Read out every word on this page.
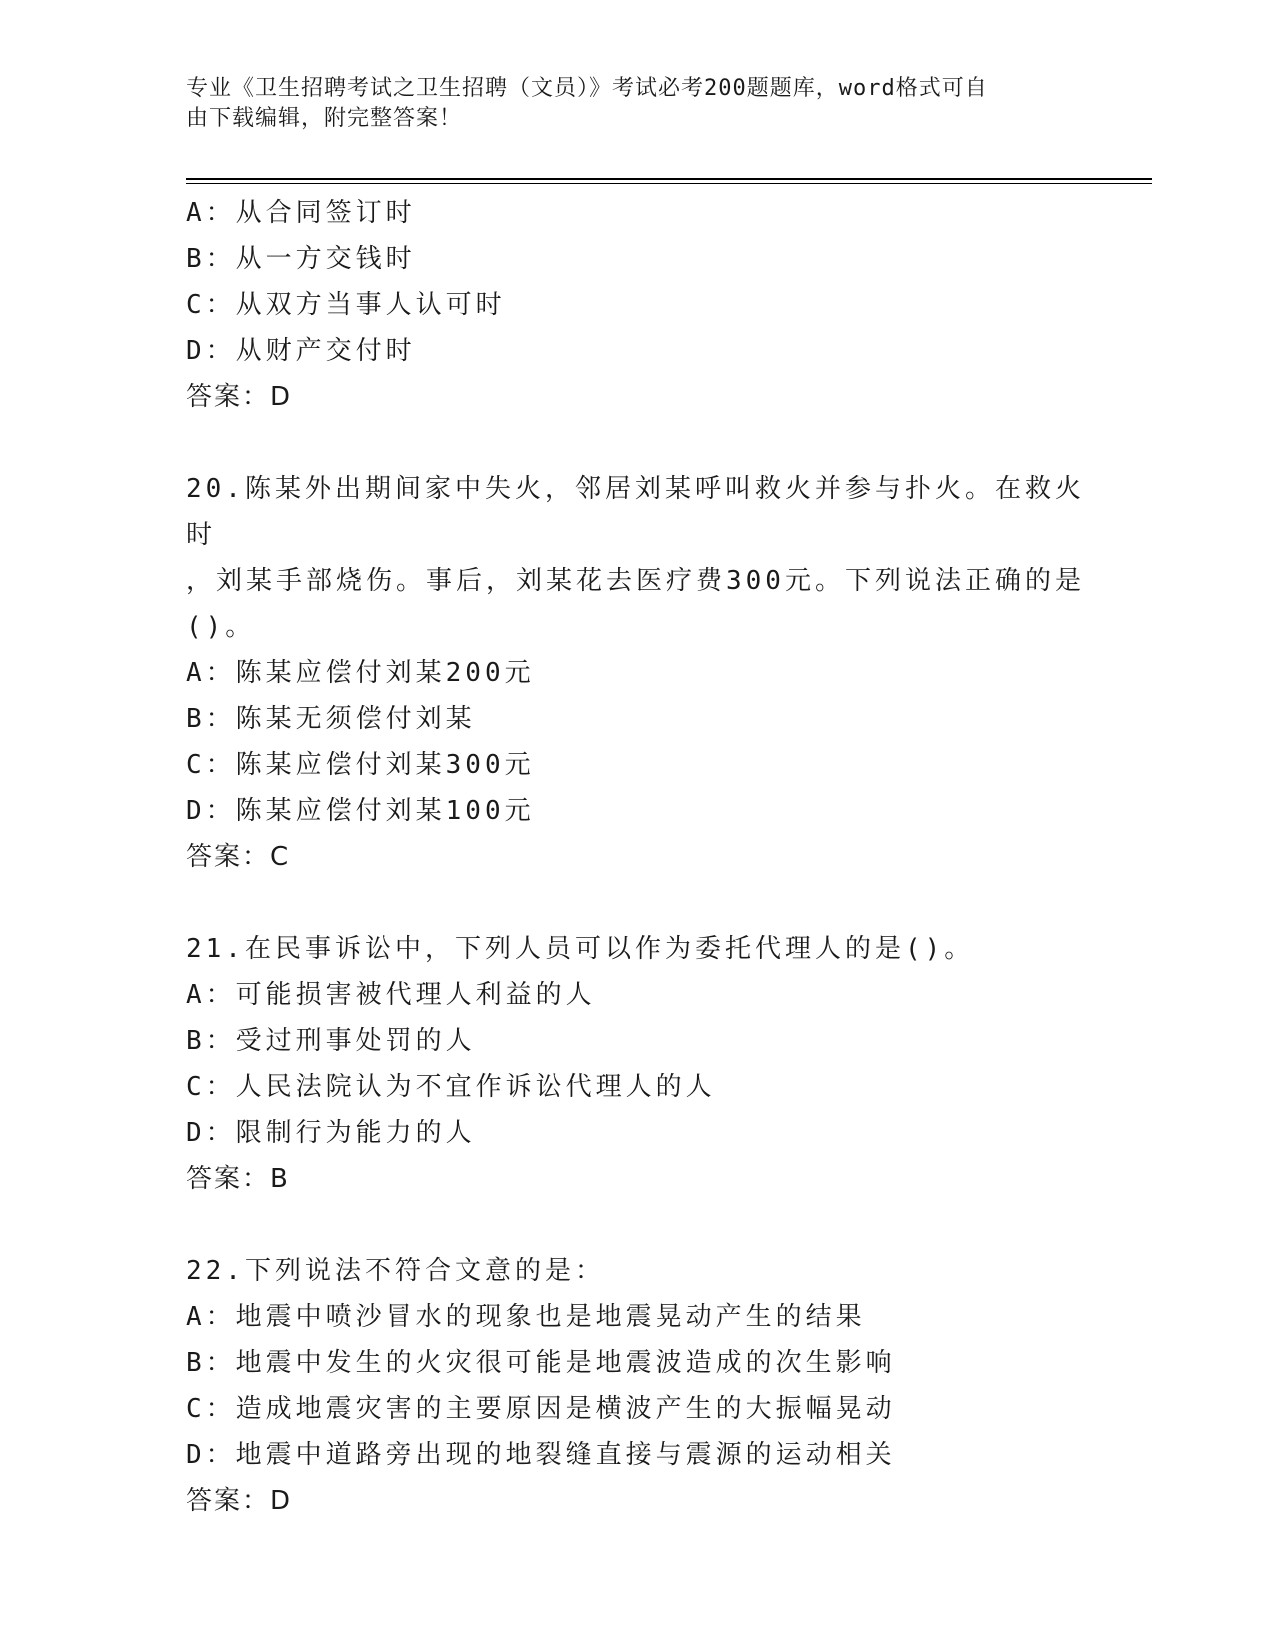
专业《卫生招聘考试之卫生招聘（文员）》考试必考200题题库，word格式可自
由下载编辑，附完整答案！
A：从合同签订时
B：从一方交钱时
C：从双方当事人认可时
D：从财产交付时
答案：D
20.陈某外出期间家中失火，邻居刘某呼叫救火并参与扑火。在救火时
，刘某手部烧伤。事后，刘某花去医疗费300元。下列说法正确的是
()。
A：陈某应偿付刘某200元
B：陈某无须偿付刘某
C：陈某应偿付刘某300元
D：陈某应偿付刘某100元
答案：C
21.在民事诉讼中，下列人员可以作为委托代理人的是()。
A：可能损害被代理人利益的人
B：受过刑事处罚的人
C：人民法院认为不宜作诉讼代理人的人
D：限制行为能力的人
答案：B
22.下列说法不符合文意的是：
A：地震中喷沙冒水的现象也是地震晃动产生的结果
B：地震中发生的火灾很可能是地震波造成的次生影响
C：造成地震灾害的主要原因是横波产生的大振幅晃动
D：地震中道路旁出现的地裂缝直接与震源的运动相关
答案：D
